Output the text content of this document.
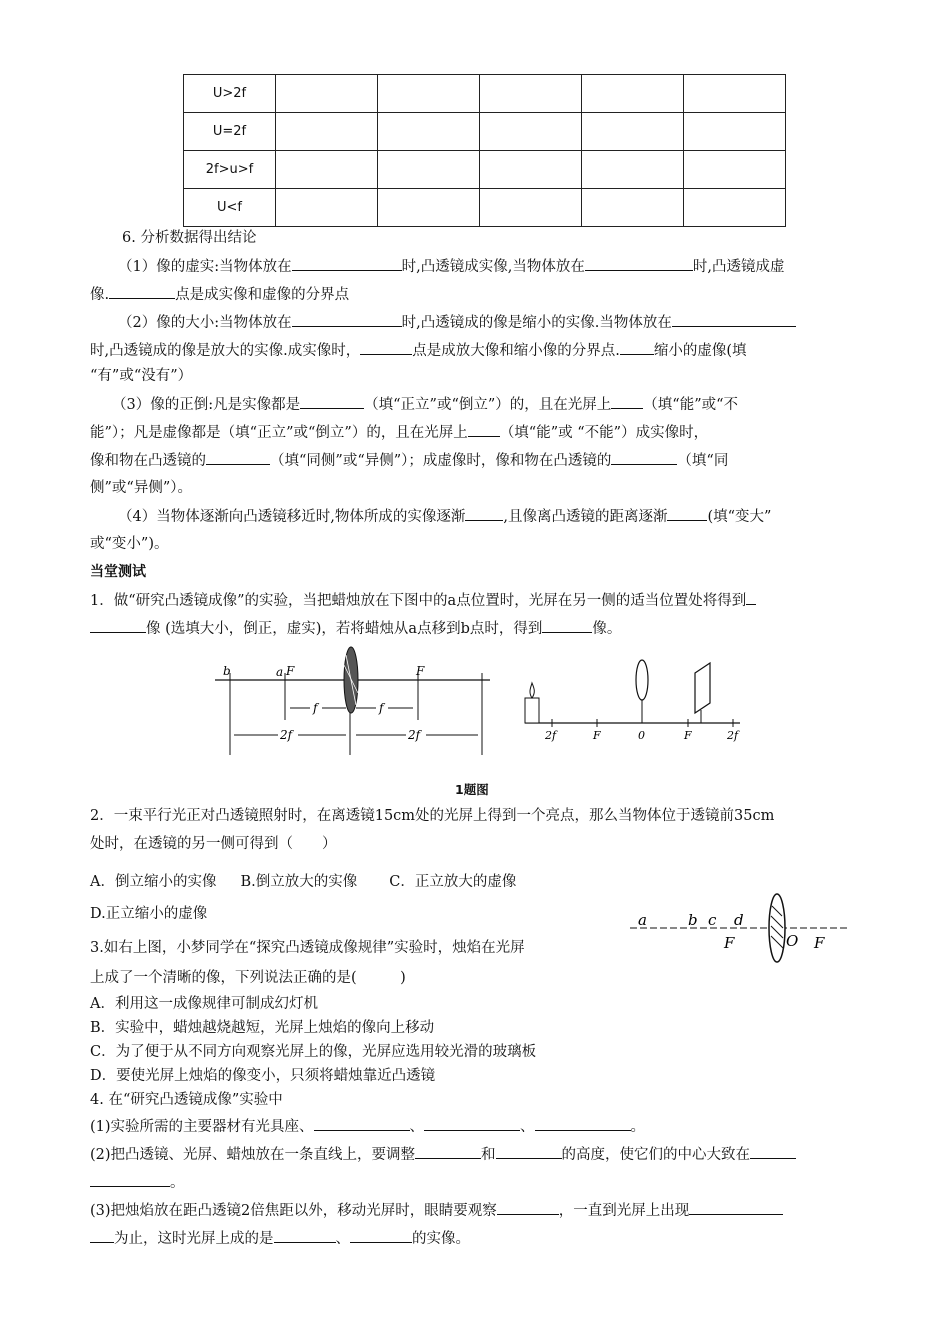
U>2f					
U=2f					
2f>u>f					
U<f					
6. 分析数据得出结论
（1）像的虚实:当物体放在	时,凸透镜成实像,当物体放在	时,凸透镜成虚
像.	点是成实像和虚像的分界点
（2）像的大小:当物体放在	时,凸透镜成的像是缩小的实像.当物体放在
时,凸透镜成的像是放大的实像.成实像时，	点是成放大像和缩小像的分界点. 缩小的虚像(填
“有”或“没有”）
（3）像的正倒:凡是实像都是	（填“正立”或“倒立”）的，且在光屏上 （填“能”或“不
能”）；凡是虚像都是（填“正立”或“倒立”）的，且在光屏上 （填“能”或 “不能”）成实像时，
像和物在凸透镜的	（填“同侧”或“异侧”）；成虚像时，像和物在凸透镜的	（填“同
侧”或“异侧”）。
（4）当物体逐渐向凸透镜移近时,物体所成的实像逐渐	,且像离凸透镜的距离逐渐	(填“变大”
或“变小”)。
当堂测试
1．做“研究凸透镜成像”的实验，当把蜡烛放在下图中的a点位置时，光屏在另一侧的适当位置处将得到
像 (选填大小，倒正，虚实)，若将蜡烛从a点移到b点时，得到	像。
b	a F	F
f	f
2f	2f	2f	F	0	F	2f
1题图
2．一束平行光正对凸透镜照射时，在离透镜15cm处的光屏上得到一个亮点，那么当物体位于透镜前35cm
处时，在透镜的另一侧可得到（　　）
A．倒立缩小的实像 B.倒立放大的实像 C．正立放大的虚像
D.正立缩小的虚像	a	b c d
F	O F
3.如右上图，小梦同学在“探究凸透镜成像规律”实验时，烛焰在光屏
上成了一个清晰的像，下列说法正确的是(　　　)
A．利用这一成像规律可制成幻灯机
B．实验中，蜡烛越烧越短，光屏上烛焰的像向上移动
C．为了便于从不同方向观察光屏上的像，光屏应选用较光滑的玻璃板
D．要使光屏上烛焰的像变小，只须将蜡烛靠近凸透镜
4. 在“研究凸透镜成像”实验中
(1)实验所需的主要器材有光具座、	、	、	。
(2)把凸透镜、光屏、蜡烛放在一条直线上，要调整	和	的高度，使它们的中心大致在
。
(3)把烛焰放在距凸透镜2倍焦距以外，移动光屏时，眼睛要观察	，一直到光屏上出现
为止，这时光屏上成的是	、	的实像。
